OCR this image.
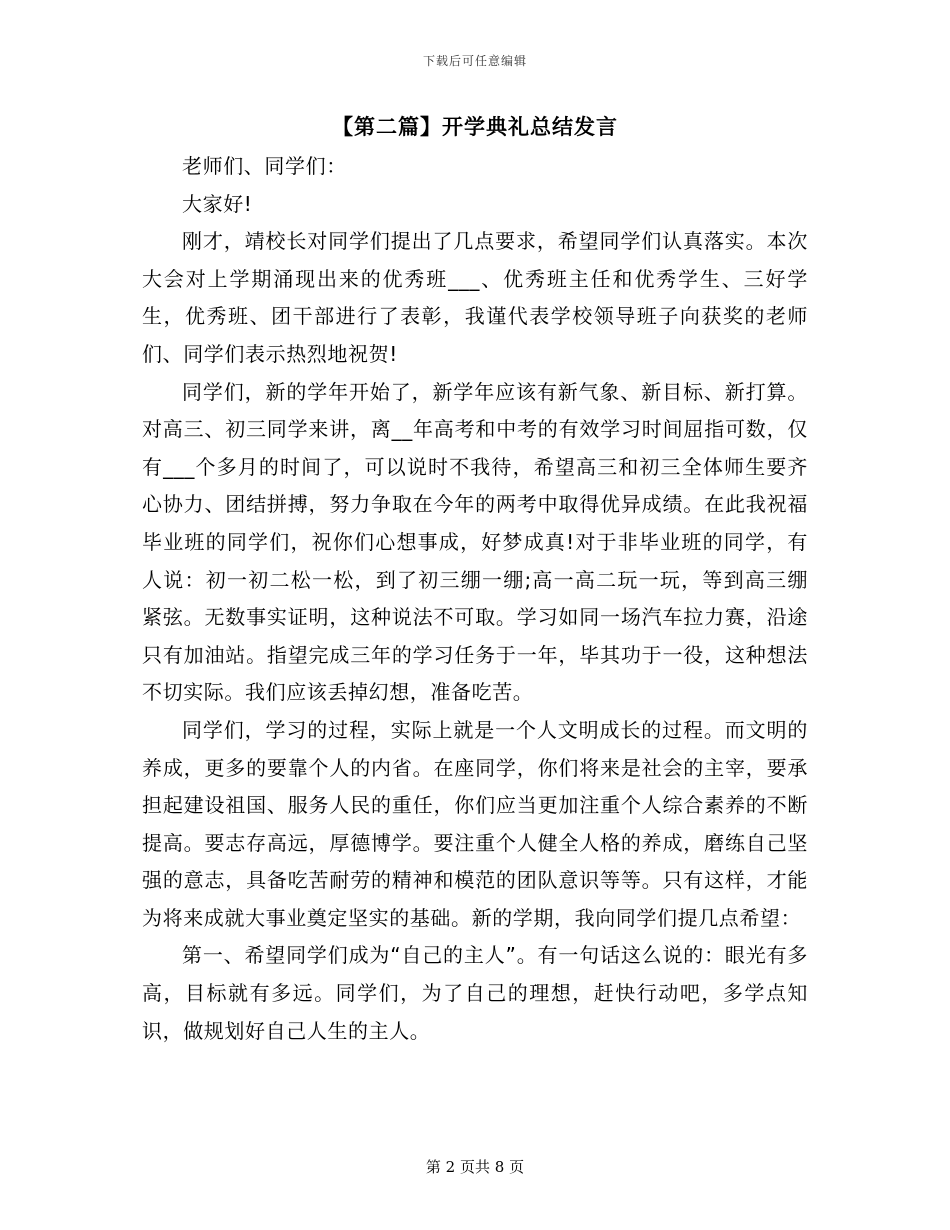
下载后可任意编辑
【第二篇】开学典礼总结发言

老师们、同学们：

大家好!

刚才，靖校长对同学们提出了几点要求，希望同学们认真落实。本次大会对上学期涌现出来的优秀班___、优秀班主任和优秀学生、三好学生，优秀班、团干部进行了表彰，我谨代表学校领导班子向获奖的老师们、同学们表示热烈地祝贺!

同学们，新的学年开始了，新学年应该有新气象、新目标、新打算。对高三、初三同学来讲，离__年高考和中考的有效学习时间屈指可数，仅有___个多月的时间了，可以说时不我待，希望高三和初三全体师生要齐心协力、团结拼搏，努力争取在今年的两考中取得优异成绩。在此我祝福毕业班的同学们，祝你们心想事成，好梦成真!对于非毕业班的同学，有人说：初一初二松一松，到了初三绷一绷;高一高二玩一玩，等到高三绷紧弦。无数事实证明，这种说法不可取。学习如同一场汽车拉力赛，沿途只有加油站。指望完成三年的学习任务于一年，毕其功于一役，这种想法不切实际。我们应该丢掉幻想，准备吃苦。

同学们，学习的过程，实际上就是一个人文明成长的过程。而文明的养成，更多的要靠个人的内省。在座同学，你们将来是社会的主宰，要承担起建设祖国、服务人民的重任，你们应当更加注重个人综合素养的不断提高。要志存高远，厚德博学。要注重个人健全人格的养成，磨练自己坚强的意志，具备吃苦耐劳的精神和模范的团队意识等等。只有这样，才能为将来成就大事业奠定坚实的基础。新的学期，我向同学们提几点希望：

第一、希望同学们成为“自己的主人”。有一句话这么说的：眼光有多高，目标就有多远。同学们，为了自己的理想，赶快行动吧，多学点知识，做规划好自己人生的主人。

第 2 页共 8 页
